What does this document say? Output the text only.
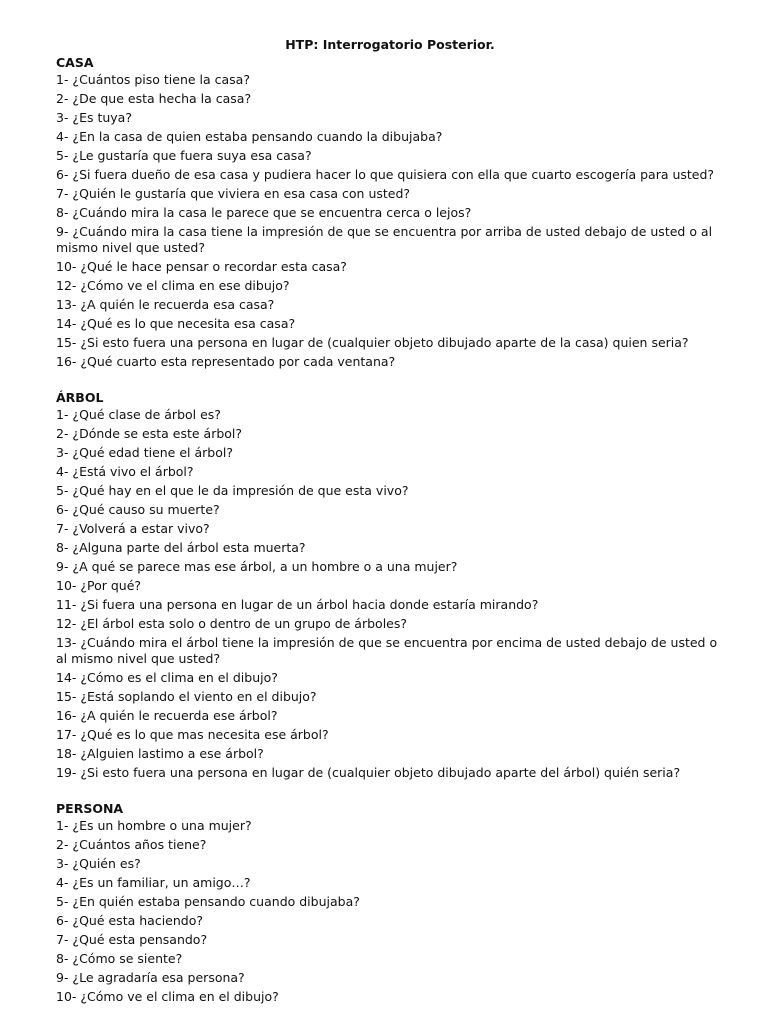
HTP: Interrogatorio Posterior.
CASA
1- ¿Cuántos piso tiene la casa?
2- ¿De que esta hecha la casa?
3- ¿Es tuya?
4- ¿En la casa de quien estaba pensando cuando la dibujaba?
5- ¿Le gustaría que fuera suya esa casa?
6- ¿Si fuera dueño de esa casa y pudiera hacer lo que quisiera con ella que cuarto escogería para usted?
7- ¿Quién le gustaría que viviera en esa casa con usted?
8- ¿Cuándo mira la casa le parece que se encuentra cerca o lejos?
9- ¿Cuándo mira la casa tiene la impresión de que se encuentra por arriba de usted debajo de usted o al mismo nivel que usted?
10- ¿Qué le hace pensar o recordar esta casa?
12- ¿Cómo ve el clima en ese dibujo?
13- ¿A quién le recuerda esa casa?
14- ¿Qué es lo que necesita esa casa?
15- ¿Si esto fuera una persona en lugar de (cualquier objeto dibujado aparte de la casa) quien seria?
16- ¿Qué cuarto esta representado por cada ventana?
ÁRBOL
1- ¿Qué clase de árbol es?
2- ¿Dónde se esta este árbol?
3- ¿Qué edad tiene el árbol?
4- ¿Está vivo el árbol?
5- ¿Qué hay en el que le da impresión de que esta vivo?
6- ¿Qué causo su muerte?
7- ¿Volverá a estar vivo?
8- ¿Alguna parte del árbol esta muerta?
9- ¿A qué se parece mas ese árbol, a un hombre o a una mujer?
10- ¿Por qué?
11- ¿Si fuera una persona en lugar de un árbol hacia donde estaría mirando?
12- ¿El árbol esta solo o dentro de un grupo de árboles?
13- ¿Cuándo mira el árbol tiene la impresión de que se encuentra por encima de usted debajo de usted o al mismo nivel que usted?
14- ¿Cómo es el clima en el dibujo?
15- ¿Está soplando el viento en el dibujo?
16- ¿A quién le recuerda ese árbol?
17- ¿Qué es lo que mas necesita ese árbol?
18- ¿Alguien lastimo a ese árbol?
19- ¿Si esto fuera una persona en lugar de (cualquier objeto dibujado aparte del árbol) quién seria?
PERSONA
1- ¿Es un hombre o una mujer?
2- ¿Cuántos años tiene?
3- ¿Quién es?
4- ¿Es un familiar, un amigo…?
5- ¿En quién estaba pensando cuando dibujaba?
6- ¿Qué esta haciendo?
7- ¿Qué esta pensando?
8- ¿Cómo se siente?
9- ¿Le agradaría esa persona?
10- ¿Cómo ve el clima en el dibujo?
